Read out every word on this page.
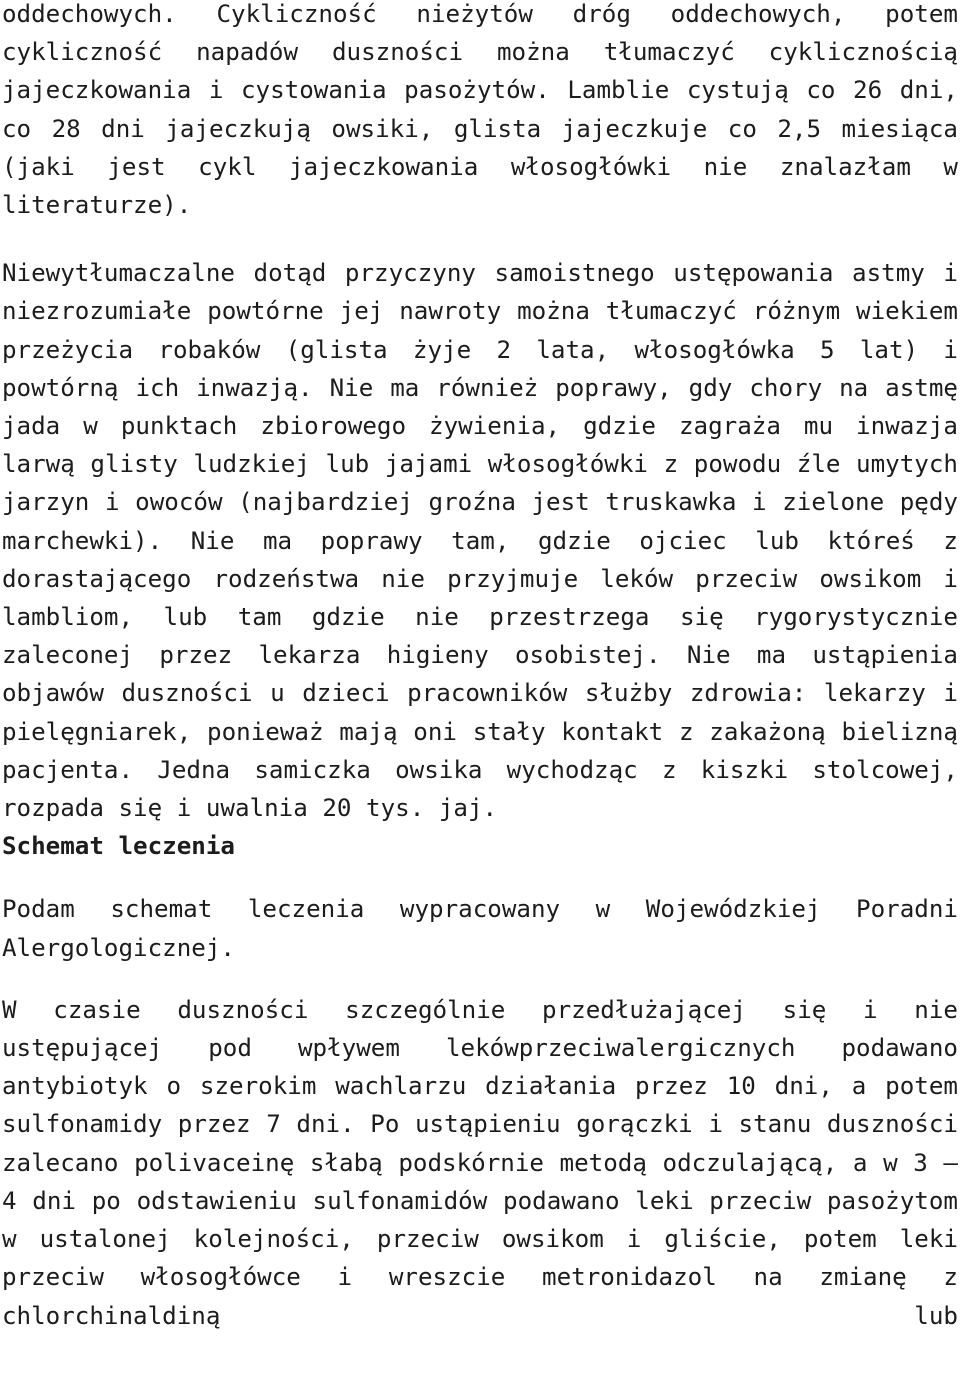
oddechowych. Cykliczność nieżytów dróg oddechowych, potem cykliczność napadów duszności można tłumaczyć cyklicznością jajeczkowania i cystowania pasożytów. Lamblie cystują co 26 dni, co 28 dni jajeczkują owsiki, glista jajeczkuje co 2,5 miesiąca (jaki jest cykl jajeczkowania włosogłówki nie znalazłam w literaturze).

Niewytłumaczalne dotąd przyczyny samoistnego ustępowania astmy i niezrozumiałe powtórne jej nawroty można tłumaczyć różnym wiekiem przeżycia robaków (glista żyje 2 lata, włosogłówka 5 lat) i powtórną ich inwazją. Nie ma również poprawy, gdy chory na astmę jada w punktach zbiorowego żywienia, gdzie zagraża mu inwazja larwą glisty ludzkiej lub jajami włosogłówki z powodu źle umytych jarzyn i owoców (najbardziej groźna jest truskawka i zielone pędy marchewki). Nie ma poprawy tam, gdzie ojciec lub któreś z dorastającego rodzeństwa nie przyjmuje leków przeciw owsikom i lambliom, lub tam gdzie nie przestrzega się rygorystycznie zaleconej przez lekarza higieny osobistej. Nie ma ustąpienia objawów duszności u dzieci pracowników służby zdrowia: lekarzy i pielęgniarek, ponieważ mają oni stały kontakt z zakażoną bielizną pacjenta. Jedna samiczka owsika wychodząc z kiszki stolcowej, rozpada się i uwalnia 20 tys. jaj.

Schemat leczenia

Podam schemat leczenia wypracowany w Wojewódzkiej Poradni Alergologicznej.

W czasie duszności szczególnie przedłużającej się i nie ustępującej pod wpływem lekówprzeciwalergicznych podawano antybiotyk o szerokim wachlarzu działania przez 10 dni, a potem sulfonamidy przez 7 dni. Po ustąpieniu gorączki i stanu duszności zalecano polivaceinę słabą podskórnie metodą odczulającą, a w 3 – 4 dni po odstawieniu sulfonamidów podawano leki przeciw pasożytom w ustalonej kolejności, przeciw owsikom i gliście, potem leki przeciw włosogłówce i wreszcie metronidazol na zmianę z chlorchinaldiną lub
